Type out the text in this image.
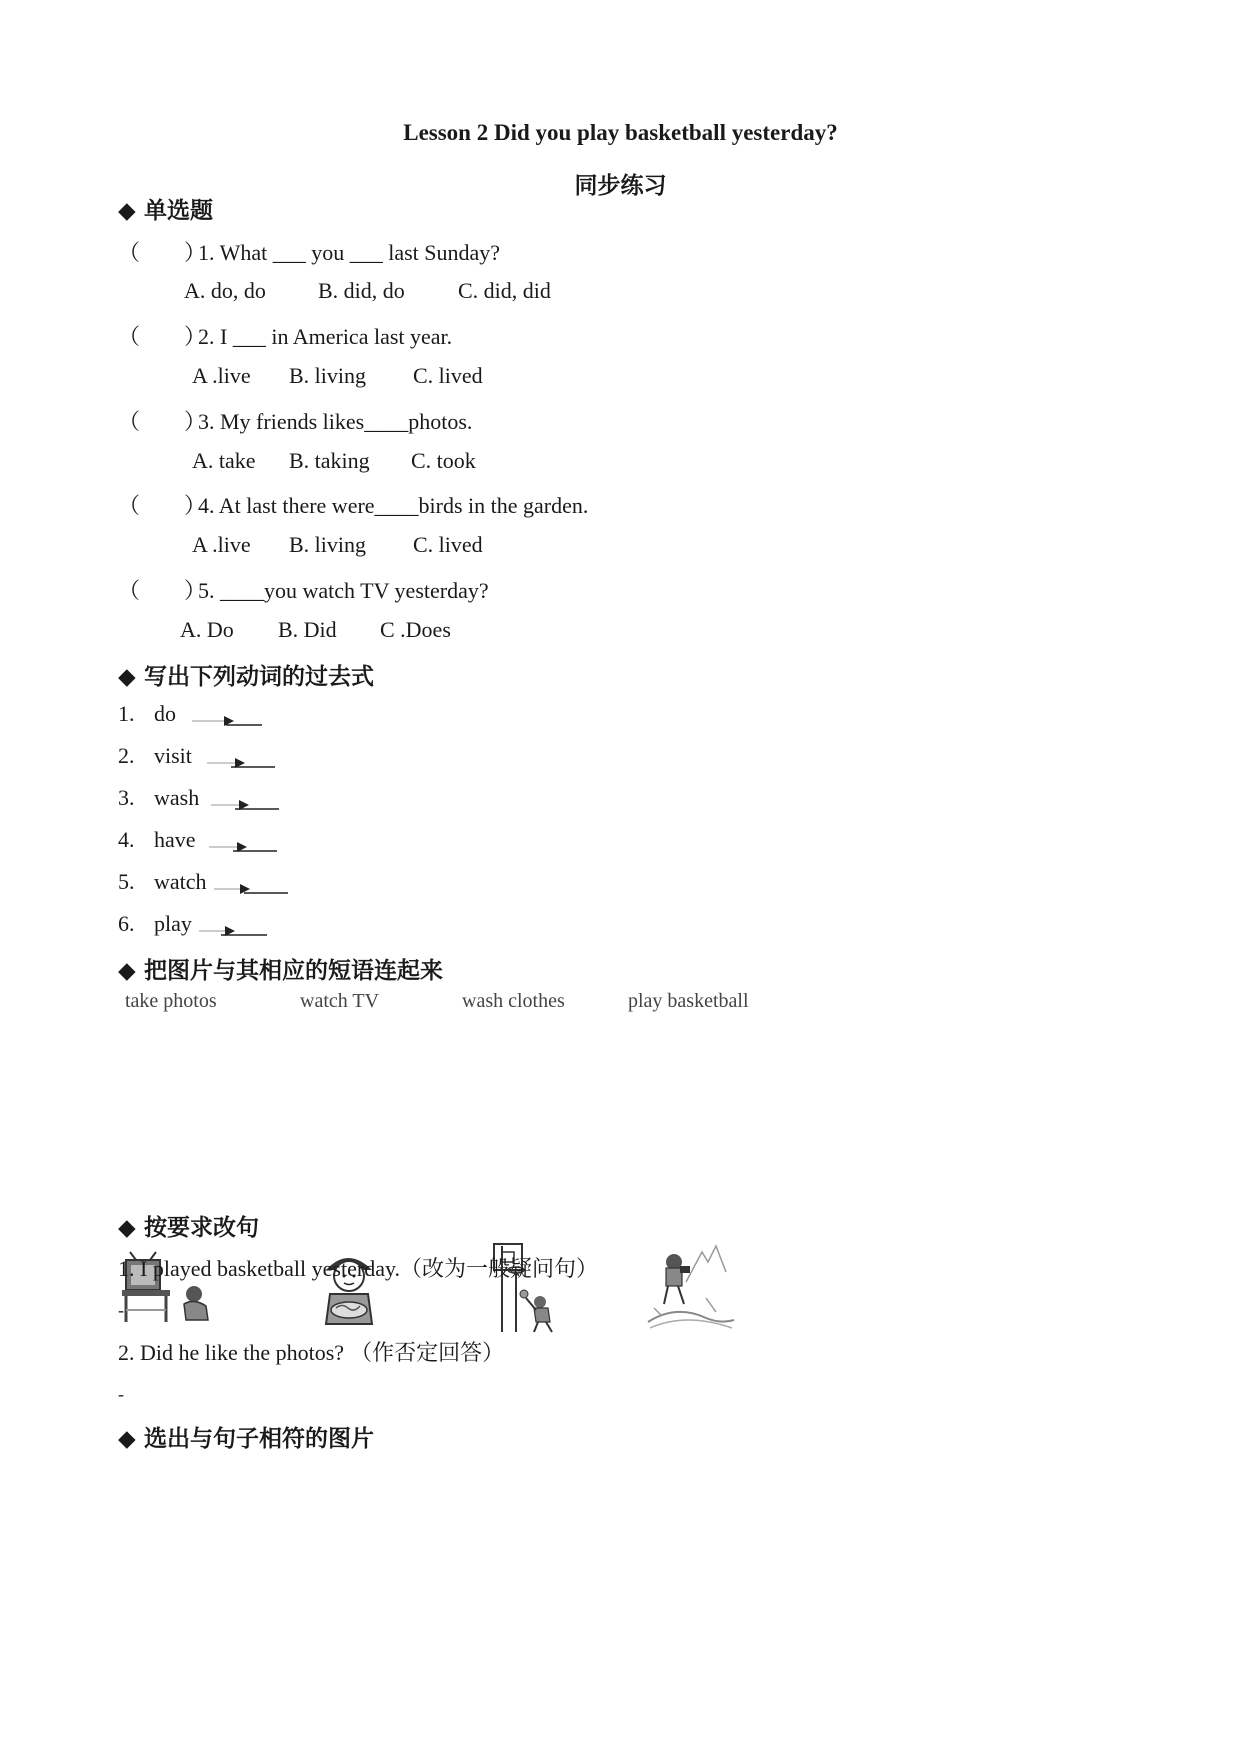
Lesson 2 Did you play basketball yesterday?
同步练习
◆ 单选题
（　　）1. What ___ you ___ last Sunday?
A. do, do B. did, do C. did, did
（　　）2. I ___ in America last year.
A .live B. living C. lived
（　　）3. My friends likes____photos.
A. take B. taking C. took
（　　）4. At last there were____birds in the garden.
A .live B. living C. lived
（　　）5. ____you watch TV yesterday?
A. Do B. Did C .Does
◆ 写出下列动词的过去式
1. do
2. visit
3. wash
4. have
5. watch
6. play
◆ 把图片与其相应的短语连起来
take photos	watch TV	wash clothes	play basketball
◆ 按要求改句
1. I played basketball yesterday.（改为一般疑问句）
-
2. Did he like the photos? （作否定回答）
-
◆ 选出与句子相符的图片
